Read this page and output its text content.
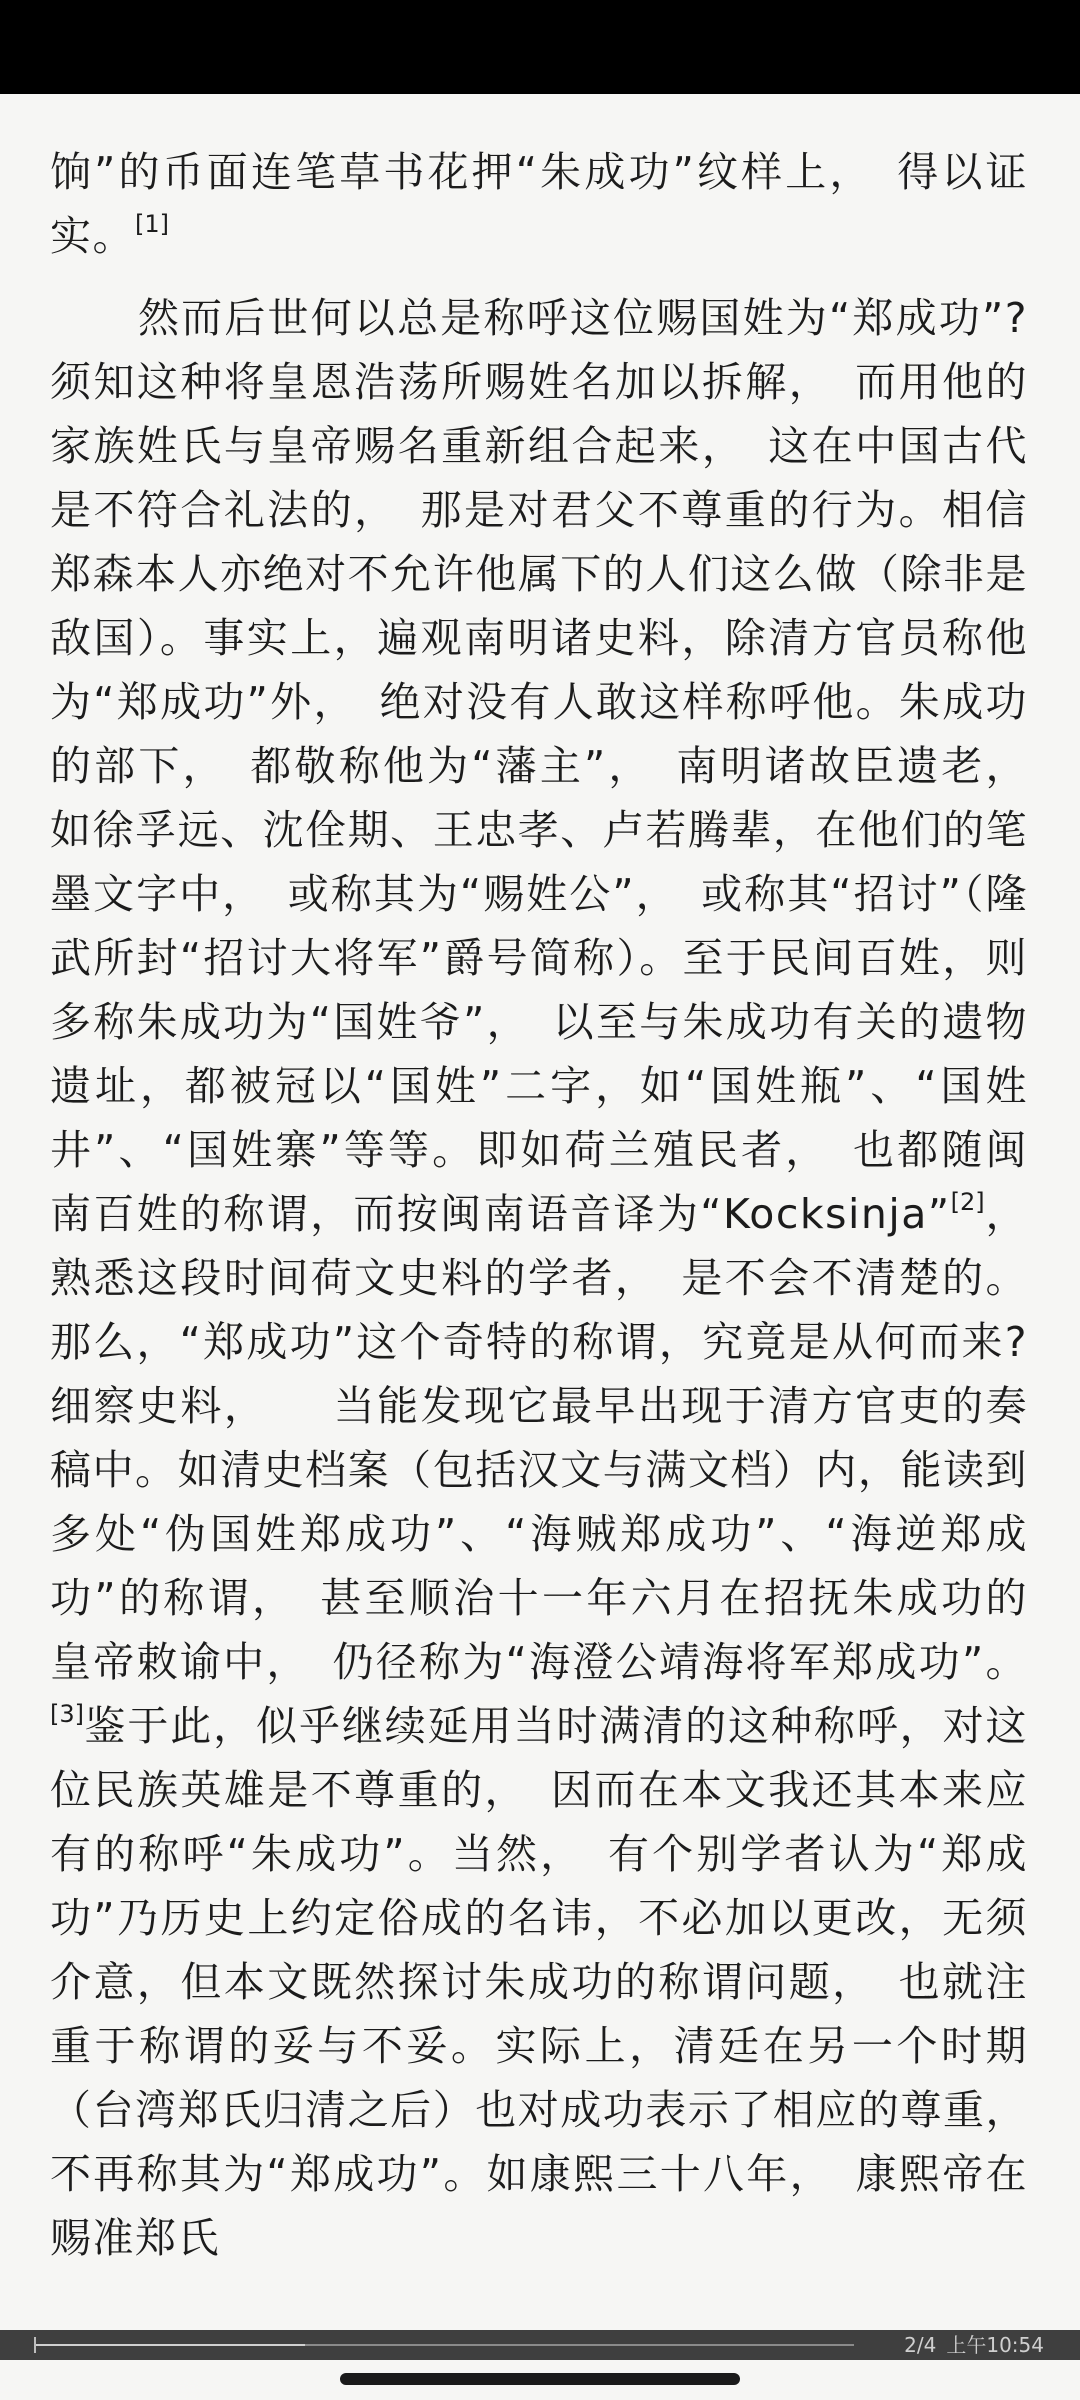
饷”的币面连笔草书花押“朱成功”纹样上，　得以证实。[1]

然而后世何以总是称呼这位赐国姓为“郑成功”?须知这种将皇恩浩荡所赐姓名加以拆解，　而用他的家族姓氏与皇帝赐名重新组合起来，　这在中国古代是不符合礼法的，　那是对君父不尊重的行为。相信郑森本人亦绝对不允许他属下的人们这么做（除非是敌国）。事实上，遍观南明诸史料，除清方官员称他为“郑成功”外，　绝对没有人敢这样称呼他。朱成功的部下，　都敬称他为“藩主”，　南明诸故臣遗老，如徐孚远、沈佺期、王忠孝、卢若腾辈，在他们的笔墨文字中，　或称其为“赐姓公”，　或称其“招讨”（隆武所封“招讨大将军”爵号简称）。至于民间百姓，则多称朱成功为“国姓爷”，　以至与朱成功有关的遗物遗址，都被冠以“国姓”二字，如“国姓瓶”、“国姓井”、“国姓寨”等等。即如荷兰殖民者，　也都随闽南百姓的称谓，而按闽南语音译为“Kocksinja”[2]，熟悉这段时间荷文史料的学者，　是不会不清楚的。那么，“郑成功”这个奇特的称谓，究竟是从何而来?细察史料，　　当能发现它最早出现于清方官吏的奏稿中。如清史档案（包括汉文与满文档）内，能读到多处“伪国姓郑成功”、“海贼郑成功”、“海逆郑成功”的称谓，　甚至顺治十一年六月在招抚朱成功的皇帝敕谕中，　仍径称为“海澄公靖海将军郑成功”。[3]鉴于此，似乎继续延用当时满清的这种称呼，对这位民族英雄是不尊重的，　因而在本文我还其本来应有的称呼“朱成功”。当然，　有个别学者认为“郑成功”乃历史上约定俗成的名讳，不必加以更改，无须介意，但本文既然探讨朱成功的称谓问题，　也就注重于称谓的妥与不妥。实际上，清廷在另一个时期（台湾郑氏归清之后）也对成功表示了相应的尊重，不再称其为“郑成功”。如康熙三十八年，　康熙帝在赐准郑氏

2/4 上午10:54
